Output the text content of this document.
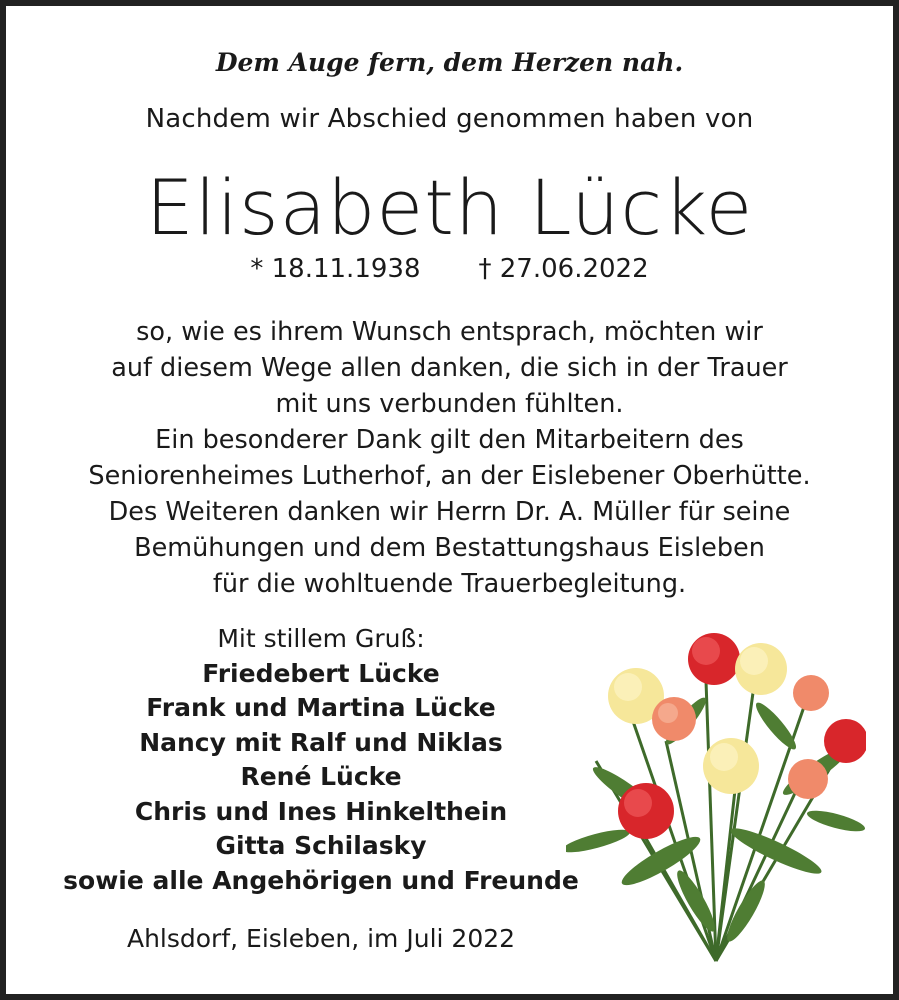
Dem Auge fern, dem Herzen nah.
Nachdem wir Abschied genommen haben von
Elisabeth Lücke
* 18.11.1938 † 27.06.2022
so, wie es ihrem Wunsch entsprach, möchten wir
auf diesem Wege allen danken, die sich in der Trauer
mit uns verbunden fühlten.
Ein besonderer Dank gilt den Mitarbeitern des
Seniorenheimes Lutherhof, an der Eislebener Oberhütte.
Des Weiteren danken wir Herrn Dr. A. Müller für seine
Bemühungen und dem Bestattungshaus Eisleben
für die wohltuende Trauerbegleitung.
Mit stillem Gruß:
Friedebert Lücke
Frank und Martina Lücke
Nancy mit Ralf und Niklas
René Lücke
Chris und Ines Hinkelthein
Gitta Schilasky
sowie alle Angehörigen und Freunde
Ahlsdorf, Eisleben, im Juli 2022
